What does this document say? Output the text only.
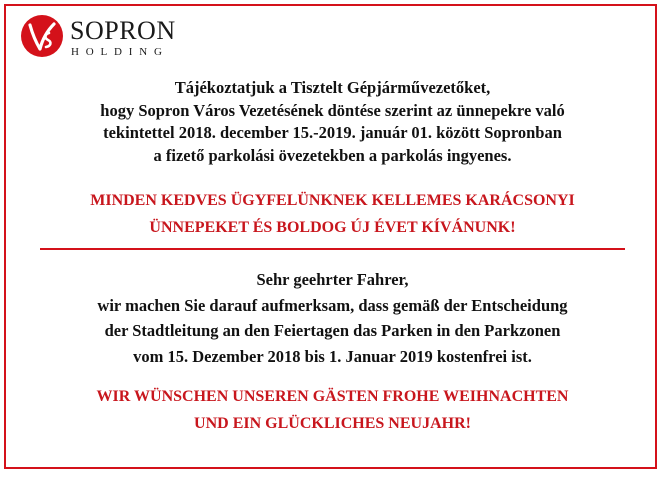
SOPRON
HOLDING
Tájékoztatjuk a Tisztelt Gépjárművezetőket,
hogy Sopron Város Vezetésének döntése szerint az ünnepekre való
tekintettel 2018. december 15.-2019. január 01. között Sopronban
a fizető parkolási övezetekben a parkolás ingyenes.
MINDEN KEDVES ÜGYFELÜNKNEK KELLEMES KARÁCSONYI
ÜNNEPEKET ÉS BOLDOG ÚJ ÉVET KÍVÁNUNK!
Sehr geehrter Fahrer,
wir machen Sie darauf aufmerksam, dass gemäß der Entscheidung
der Stadtleitung an den Feiertagen das Parken in den Parkzonen
vom 15. Dezember 2018 bis 1. Januar 2019 kostenfrei ist.
WIR WÜNSCHEN UNSEREN GÄSTEN FROHE WEIHNACHTEN
UND EIN GLÜCKLICHES NEUJAHR!
